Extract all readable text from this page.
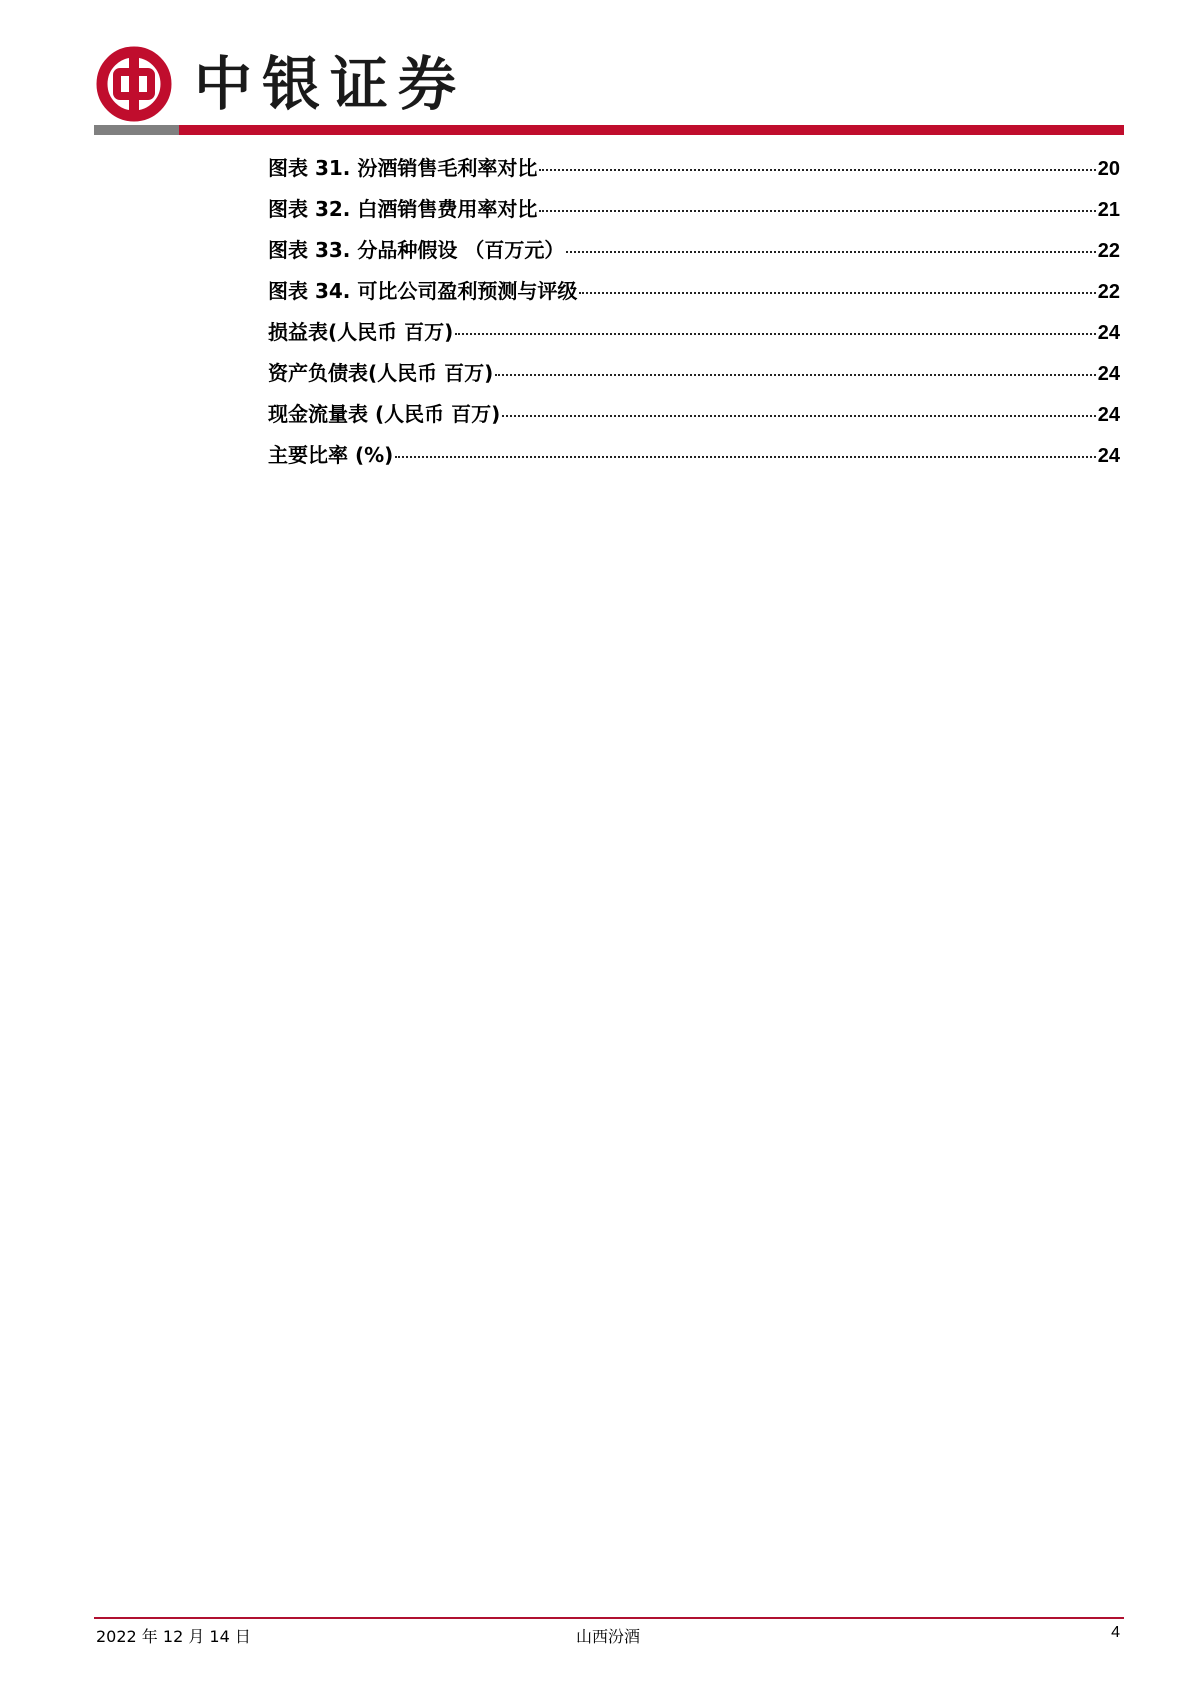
中银证券
图表 31. 汾酒销售毛利率对比	20
图表 32. 白酒销售费用率对比	21
图表 33. 分品种假设 （百万元）	22
图表 34. 可比公司盈利预测与评级	22
损益表(人民币 百万)	24
资产负债表(人民币 百万)	24
现金流量表 (人民币 百万)	24
主要比率 (%)	24
2022 年 12 月 14 日	山西汾酒	4
